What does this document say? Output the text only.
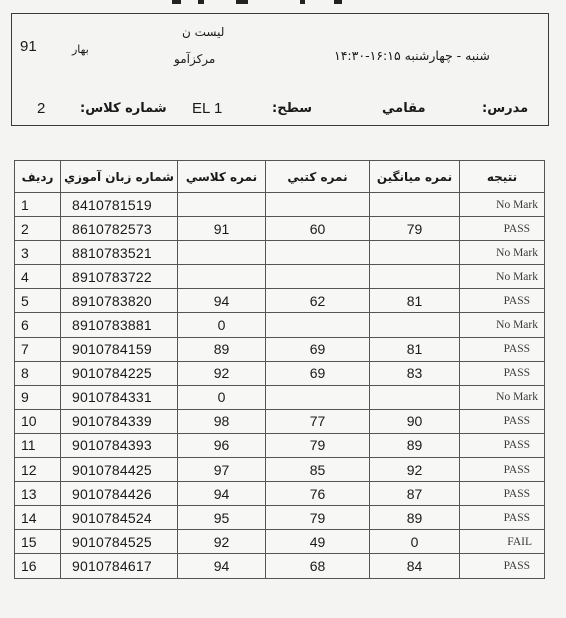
91	بهار
ليست ن
مركزآمو	شنبه - چهارشنبه ۱۶:۱۵-۱۴:۳۰
2	شماره كلاس: EL 1	سطح:	مقامي	مدرس:
رديف	شماره زبان آموزي	نمره كلاسي	نمره كتبي	نمره ميانگين	نتيجه
1	8410781519				No Mark
2	8610782573	91	60	79	PASS
3	8810783521				No Mark
4	8910783722				No Mark
5	8910783820	94	62	81	PASS
6	8910783881	0			No Mark
7	9010784159	89	69	81	PASS
8	9010784225	92	69	83	PASS
9	9010784331	0			No Mark
10	9010784339	98	77	90	PASS
11	9010784393	96	79	89	PASS
12	9010784425	97	85	92	PASS
13	9010784426	94	76	87	PASS
14	9010784524	95	79	89	PASS
15	9010784525	92	49	0	FAIL
16	9010784617	94	68	84	PASS
